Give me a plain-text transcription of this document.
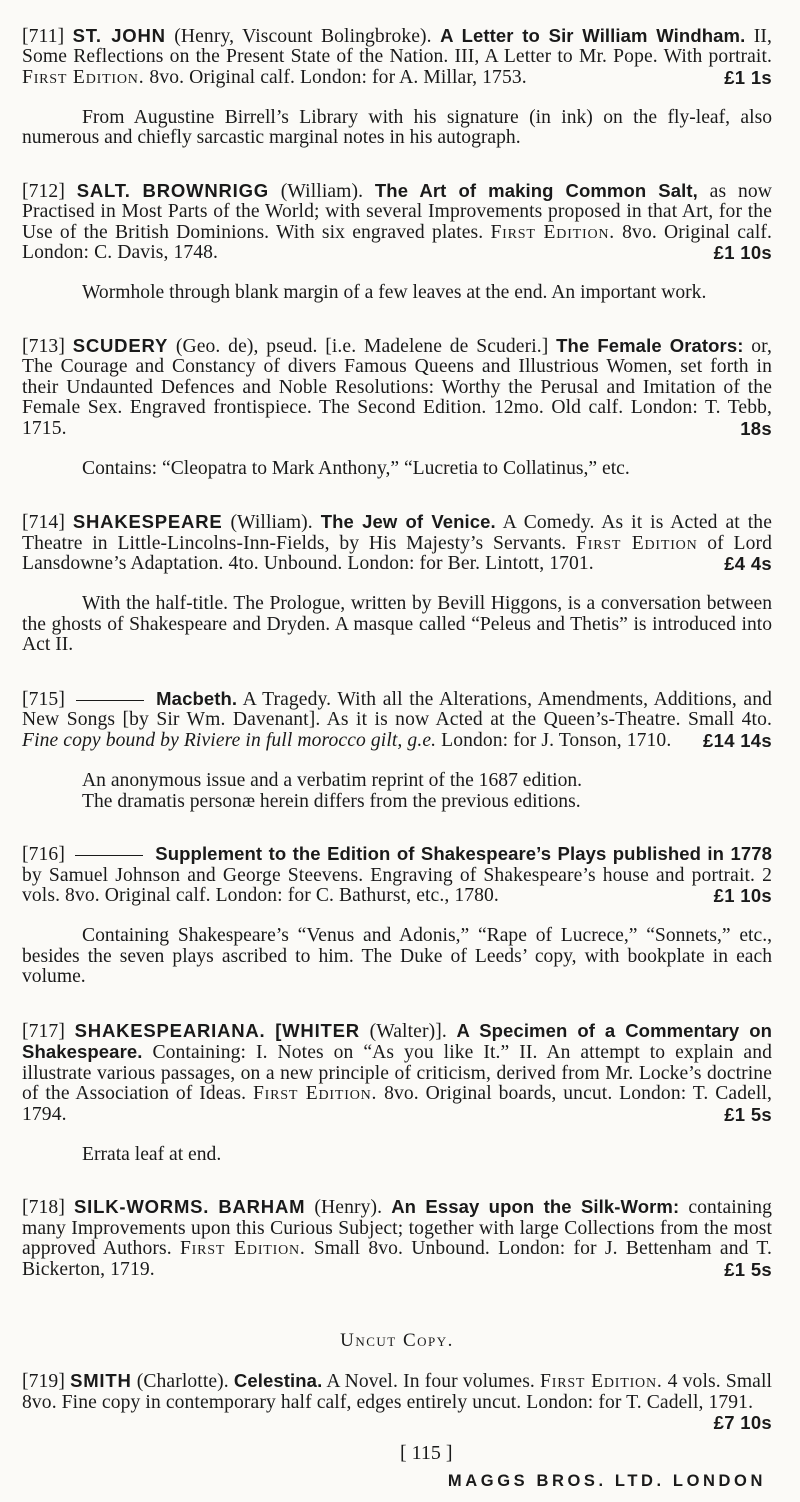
[711] ST. JOHN (Henry, Viscount Bolingbroke). A Letter to Sir William Windham. II, Some Reflections on the Present State of the Nation. III, A Letter to Mr. Pope. With portrait. First Edition. 8vo. Original calf. London: for A. Millar, 1753.	£1 1s

From Augustine Birrell’s Library with his signature (in ink) on the fly-leaf, also numerous and chiefly sarcastic marginal notes in his autograph.

[712] SALT. BROWNRIGG (William). The Art of making Common Salt, as now Practised in Most Parts of the World; with several Improvements proposed in that Art, for the Use of the British Dominions. With six engraved plates. First Edition. 8vo. Original calf. London: C. Davis, 1748.	£1 10s

Wormhole through blank margin of a few leaves at the end. An important work.

[713] SCUDERY (Geo. de), pseud. [i.e. Madelene de Scuderi.] The Female Orators: or, The Courage and Constancy of divers Famous Queens and Illustrious Women, set forth in their Undaunted Defences and Noble Resolutions: Worthy the Perusal and Imitation of the Female Sex. Engraved frontispiece. The Second Edition. 12mo. Old calf. London: T. Tebb, 1715.	18s

Contains: “Cleopatra to Mark Anthony,” “Lucretia to Collatinus,” etc.

[714] SHAKESPEARE (William). The Jew of Venice. A Comedy. As it is Acted at the Theatre in Little-Lincolns-Inn-Fields, by His Majesty’s Servants. First Edition of Lord Lansdowne’s Adaptation. 4to. Unbound. London: for Ber. Lintott, 1701.	£4 4s

With the half-title. The Prologue, written by Bevill Higgons, is a conversation between the ghosts of Shakespeare and Dryden. A masque called “Peleus and Thetis” is introduced into Act II.

[715]	Macbeth. A Tragedy. With all the Alterations, Amendments, Additions, and New Songs [by Sir Wm. Davenant]. As it is now Acted at the Queen’s-Theatre. Small 4to. Fine copy bound by Riviere in full morocco gilt, g.e. London: for J. Tonson, 1710. £14 14s

An anonymous issue and a verbatim reprint of the 1687 edition.

The dramatis personæ herein differs from the previous editions.

[716]	Supplement to the Edition of Shakespeare’s Plays published in 1778 by Samuel Johnson and George Steevens. Engraving of Shakespeare’s house and portrait. 2 vols. 8vo. Original calf. London: for C. Bathurst, etc., 1780.	£1 10s

Containing Shakespeare’s “Venus and Adonis,” “Rape of Lucrece,” “Sonnets,” etc., besides the seven plays ascribed to him. The Duke of Leeds’ copy, with bookplate in each volume.

[717] SHAKESPEARIANA. [WHITER (Walter)]. A Specimen of a Commentary on Shakespeare. Containing: I. Notes on “As you like It.” II. An attempt to explain and illustrate various passages, on a new principle of criticism, derived from Mr. Locke’s doctrine of the Association of Ideas. First Edition. 8vo. Original boards, uncut. London: T. Cadell, 1794.	£1 5s

Errata leaf at end.

[718] SILK-WORMS. BARHAM (Henry). An Essay upon the Silk-Worm: containing many Improvements upon this Curious Subject; together with large Collections from the most approved Authors. First Edition. Small 8vo. Unbound. London: for J. Bettenham and T. Bickerton, 1719.	£1 5s

Uncut Copy.

[719] SMITH (Charlotte). Celestina. A Novel. In four volumes. First Edition. 4 vols. Small 8vo. Fine copy in contemporary half calf, edges entirely uncut. London: for T. Cadell, 1791.
£7 10s

[ 115 ]
MAGGS BROS. LTD. LONDON
